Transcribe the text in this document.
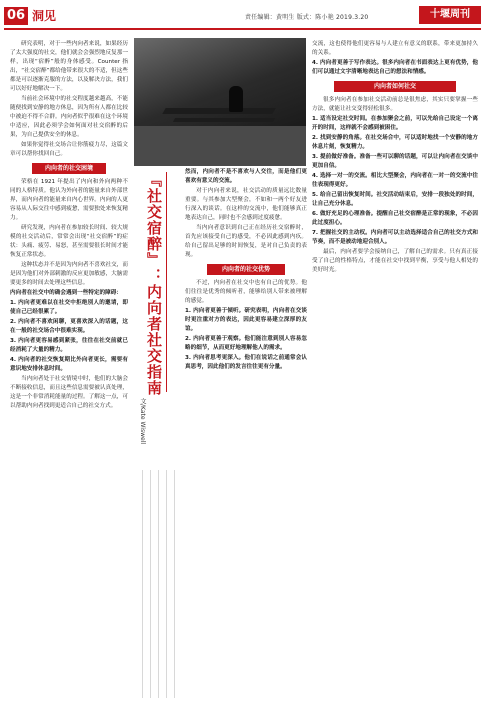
06 洞见	责任编辑：黄明生 版式：陈小艳 2019.3.20	十堰周刊

研究表明，对于一些内向者来说，如果经历了太大强度的社交，他们就会会强烈地反复那一样，出现“宿醉”般的身体感受。Counter 指出，“社交宿醉”都给他带来很大的不适，但这些都是可以逐渐克服的方法，以及解决方法，我们可以好好地解决一下。

当前社会环境中的社交程度越来越高，不能随便找到安静的地方休息，因为所有人都在比较中被迫不得不合群。内向者似乎很难在这个环境中适应，因此必须学会如何面对社交宿醉的后果，为自己提供安全的休息。

如果你觉得社交场合让你筋疲力尽，这篇文章可以帮你找回自己。

内向者的社交困境

荣格在 1921 年提出了内向和外向两种不同的人格特质。他认为外向者的能量来自外部世界，而内向者的能量来自内心世界。内向的人更容易从人际交往中感到疲惫，需要独处来恢复精力。

研究发现，内向者在参加较长时间、较大规模的社交活动后，常常会出现“社交宿醉”的症状：头痛、疲劳、易怒，甚至需要很长时间才能恢复正常状态。

这种状态并不是因为内向者不喜欢社交，而是因为他们对外部刺激的反应更加敏感，大脑需要更多的时间去处理这些信息。

内向者在社交中的确会遇到一些特定的障碍：

1. 内向者更难以在社交中拒绝别人的邀请，即使自己已经很累了。

2. 内向者不喜欢闲聊，更喜欢深入的话题，这在一般的社交场合中很难实现。

3. 内向者更容易感到紧张，往往在社交前就已经消耗了大量的精力。

4. 内向者的社交恢复期比外向者更长，需要有意识地安排休息时间。

当内向者处于社交情境中时，他们的大脑会不断接收信息，而且这些信息需要被认真处理，这是一个非常消耗能量的过程。了解这一点，可以帮助内向者找到更适合自己的社交方式。

『社交宿醉』：内向者社交指南
文/Kate Wiswell

然而，内向者不是不喜欢与人交往，而是他们更喜欢有意义的交流。

对于内向者来说，社交活动的质量远比数量重要。与其参加大型聚会，不如和一两个好友进行深入的谈话。在这样的交流中，他们能够真正地表达自己，同时也不会感到过度疲惫。

当内向者意识到自己正在经历社交宿醉时，首先应该接受自己的感受，不必因此感到内疚。给自己留出足够的时间恢复，是对自己负责的表现。

内向者的社交优势

不过，内向者在社交中也有自己的优势。他们往往是优秀的倾听者，能够给别人带来被理解的感觉。

1. 内向者更善于倾听。研究表明，内向者在交谈时更注重对方的表达，因此更容易建立深厚的友谊。

2. 内向者更善于观察。他们能注意到别人容易忽略的细节，从而更好地理解他人的需求。

3. 内向者思考更深入。他们在说话之前通常会认真思考，因此他们的发言往往更有分量。

交流，这也使得他们更容易与人建立有意义的联系，带来更加持久的关系。

4. 内向者更善于写作表达。很多内向者在书面表达上更有优势，他们可以通过文字清晰地表达自己的想法和情感。

内向者如何社交

很多内向者在参加社交活动前总是很焦虑，其实只要掌握一些方法，就能让社交变得轻松很多。

1. 适当设定社交时间。在参加聚会之前，可以先给自己设定一个离开的时间，这样就不会感到被困住。

2. 找到安静的角落。在社交场合中，可以适时地找一个安静的地方休息片刻，恢复精力。

3. 提前做好准备。准备一些可以聊的话题，可以让内向者在交谈中更加自信。

4. 选择一对一的交流。相比大型聚会，内向者在一对一的交流中往往表现得更好。

5. 给自己留出恢复时间。社交活动结束后，安排一段独处的时间，让自己充分休息。

6. 做好充足的心理准备。提醒自己社交宿醉是正常的现象，不必因此过度担心。

7. 把握社交的主动权。内向者可以主动选择适合自己的社交方式和节奏，而不是被动地迎合别人。

最后，内向者要学会接纳自己，了解自己的需求。只有真正接受了自己的性格特点，才能在社交中找到平衡，享受与他人相处的美好时光。
